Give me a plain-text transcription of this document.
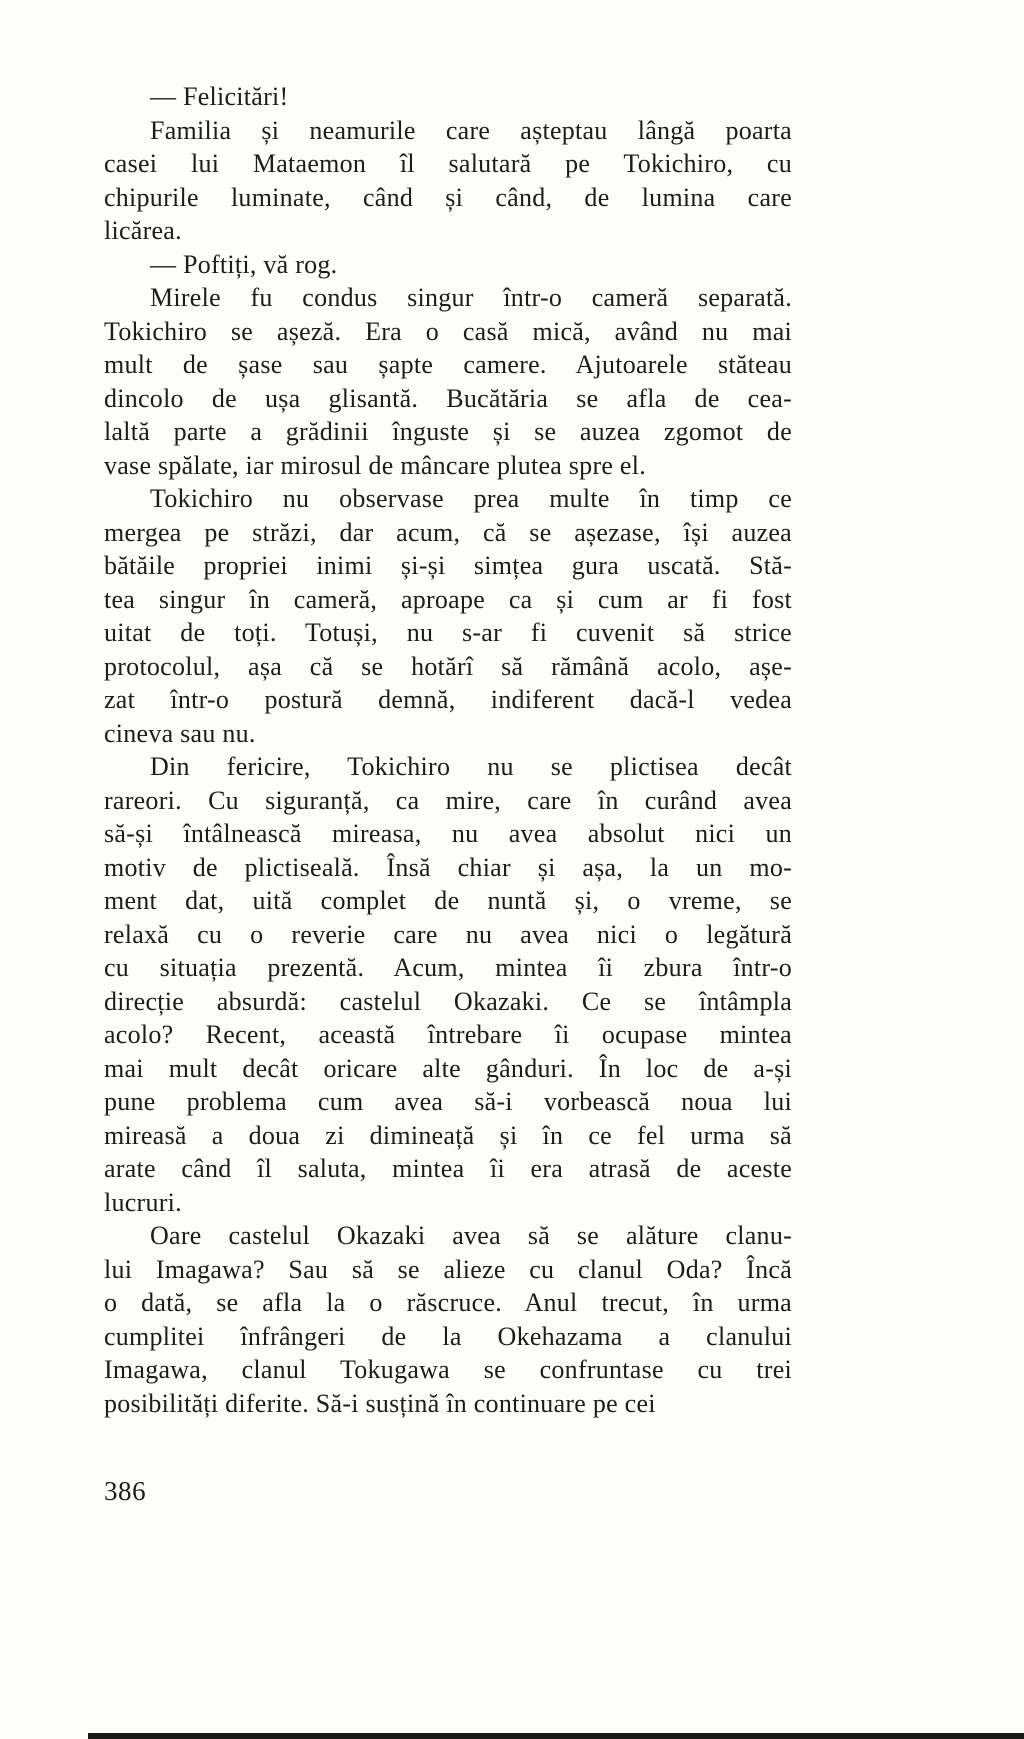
— Felicitări!
Familia și neamurile care așteptau lângă poarta
casei lui Mataemon îl salutară pe Tokichiro, cu
chipurile luminate, când și când, de lumina care
licărea.
— Poftiți, vă rog.
Mirele fu condus singur într-o cameră separată.
Tokichiro se așeză. Era o casă mică, având nu mai
mult de șase sau șapte camere. Ajutoarele stăteau
dincolo de ușa glisantă. Bucătăria se afla de cea-
laltă parte a grădinii înguste și se auzea zgomot de
vase spălate, iar mirosul de mâncare plutea spre el.
Tokichiro nu observase prea multe în timp ce
mergea pe străzi, dar acum, că se așezase, își auzea
bătăile propriei inimi și-și simțea gura uscată. Stă-
tea singur în cameră, aproape ca și cum ar fi fost
uitat de toți. Totuși, nu s-ar fi cuvenit să strice
protocolul, așa că se hotărî să rămână acolo, așe-
zat într-o postură demnă, indiferent dacă-l vedea
cineva sau nu.
Din fericire, Tokichiro nu se plictisea decât
rareori. Cu siguranță, ca mire, care în curând avea
să-și întâlnească mireasa, nu avea absolut nici un
motiv de plictiseală. Însă chiar și așa, la un mo-
ment dat, uită complet de nuntă și, o vreme, se
relaxă cu o reverie care nu avea nici o legătură
cu situația prezentă. Acum, mintea îi zbura într-o
direcție absurdă: castelul Okazaki. Ce se întâmpla
acolo? Recent, această întrebare îi ocupase mintea
mai mult decât oricare alte gânduri. În loc de a-și
pune problema cum avea să-i vorbească noua lui
mireasă a doua zi dimineață și în ce fel urma să
arate când îl saluta, mintea îi era atrasă de aceste
lucruri.
Oare castelul Okazaki avea să se alăture clanu-
lui Imagawa? Sau să se alieze cu clanul Oda? Încă
o dată, se afla la o răscruce. Anul trecut, în urma
cumplitei înfrângeri de la Okehazama a clanului
Imagawa, clanul Tokugawa se confruntase cu trei
posibilități diferite. Să-i susțină în continuare pe cei
386
